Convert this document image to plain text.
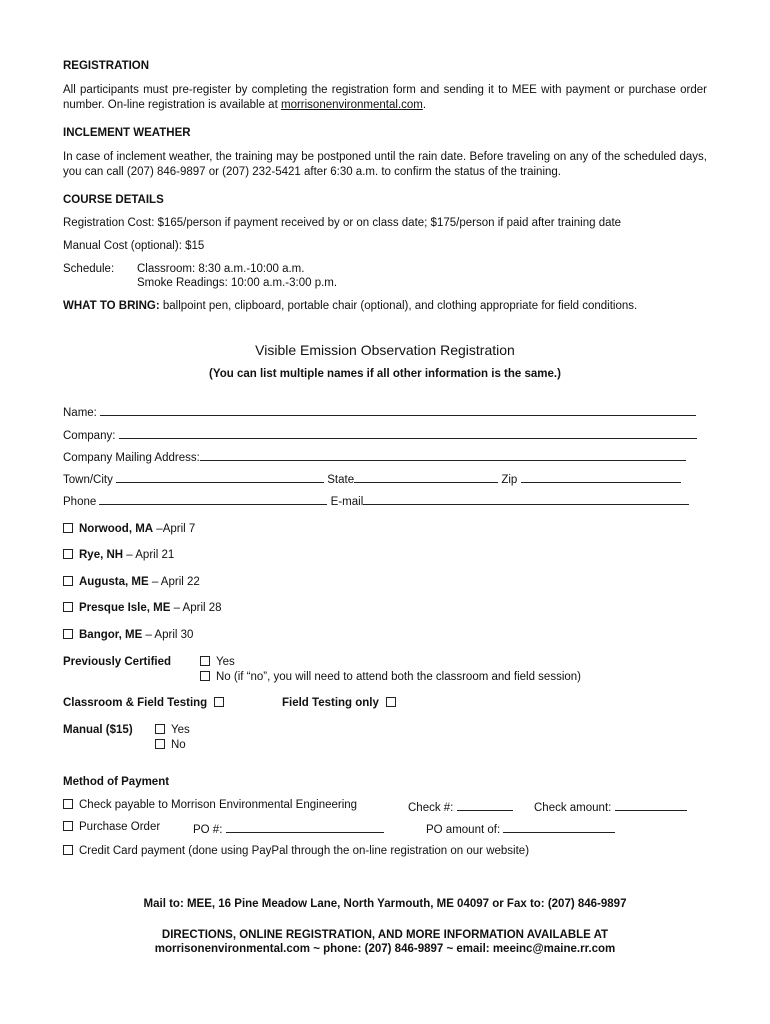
REGISTRATION
All participants must pre-register by completing the registration form and sending it to MEE with payment or purchase order number. On-line registration is available at morrisonenvironmental.com.
INCLEMENT WEATHER
In case of inclement weather, the training may be postponed until the rain date. Before traveling on any of the scheduled days, you can call (207) 846-9897 or (207) 232-5421 after 6:30 a.m. to confirm the status of the training.
COURSE DETAILS
Registration Cost: $165/person if payment received by or on class date; $175/person if paid after training date
Manual Cost (optional): $15
Schedule: Classroom: 8:30 a.m.-10:00 a.m.
Smoke Readings: 10:00 a.m.-3:00 p.m.
WHAT TO BRING: ballpoint pen, clipboard, portable chair (optional), and clothing appropriate for field conditions.
Visible Emission Observation Registration
(You can list multiple names if all other information is the same.)
Name:
Company:
Company Mailing Address:
Town/City	State	Zip
Phone	E-mail
Norwood, MA –April 7
Rye, NH – April 21
Augusta, ME – April 22
Presque Isle, ME – April 28
Bangor, ME – April 30
Previously Certified	Yes
No (if “no”, you will need to attend both the classroom and field session)
Classroom & Field Testing	Field Testing only
Manual ($15)	Yes
No
Method of Payment
Check payable to Morrison Environmental Engineering	Check #:	Check amount:
Purchase Order	PO #:	PO amount of:
Credit Card payment (done using PayPal through the on-line registration on our website)
Mail to: MEE, 16 Pine Meadow Lane, North Yarmouth, ME 04097 or Fax to: (207) 846-9897
DIRECTIONS, ONLINE REGISTRATION, AND MORE INFORMATION AVAILABLE AT
morrisonenvironmental.com ~ phone: (207) 846-9897 ~ email: meeinc@maine.rr.com
